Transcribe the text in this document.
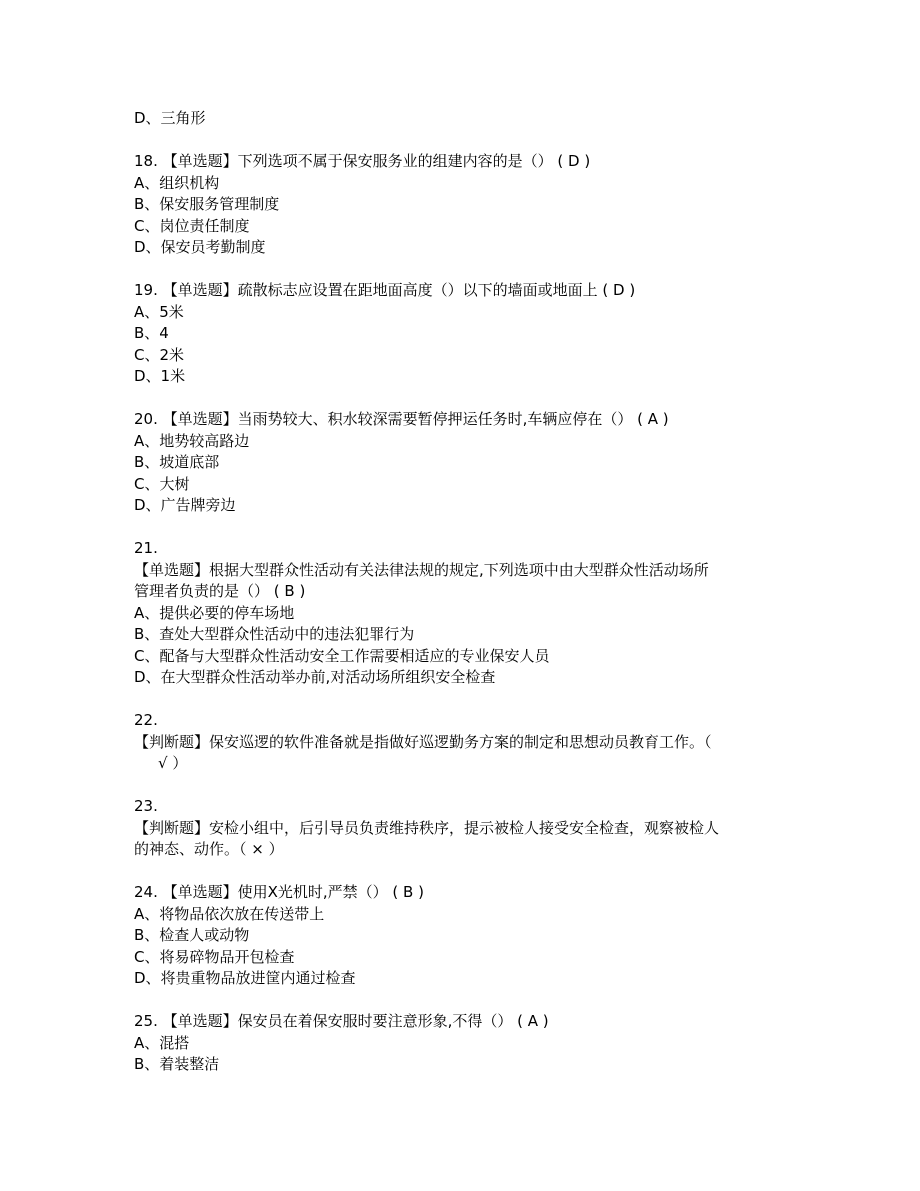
D、三角形
18. 【单选题】下列选项不属于保安服务业的组建内容的是（） ( D )
A、组织机构
B、保安服务管理制度
C、岗位责任制度
D、保安员考勤制度
19. 【单选题】疏散标志应设置在距地面高度（）以下的墙面或地面上 ( D )
A、5米
B、4
C、2米
D、1米
20. 【单选题】当雨势较大、积水较深需要暂停押运任务时,车辆应停在（） ( A )
A、地势较高路边
B、坡道底部
C、大树
D、广告牌旁边
21.
【单选题】根据大型群众性活动有关法律法规的规定,下列选项中由大型群众性活动场所
管理者负责的是（） ( B )
A、提供必要的停车场地
B、查处大型群众性活动中的违法犯罪行为
C、配备与大型群众性活动安全工作需要相适应的专业保安人员
D、在大型群众性活动举办前,对活动场所组织安全检查
22.
【判断题】保安巡逻的软件准备就是指做好巡逻勤务方案的制定和思想动员教育工作。（
√ ）
23.
【判断题】安检小组中，后引导员负责维持秩序，提示被检人接受安全检查，观察被检人
的神态、动作。（ × ）
24. 【单选题】使用X光机时,严禁（） ( B )
A、将物品依次放在传送带上
B、检查人或动物
C、将易碎物品开包检查
D、将贵重物品放进筐内通过检查
25. 【单选题】保安员在着保安服时要注意形象,不得（） ( A )
A、混搭
B、着装整洁
